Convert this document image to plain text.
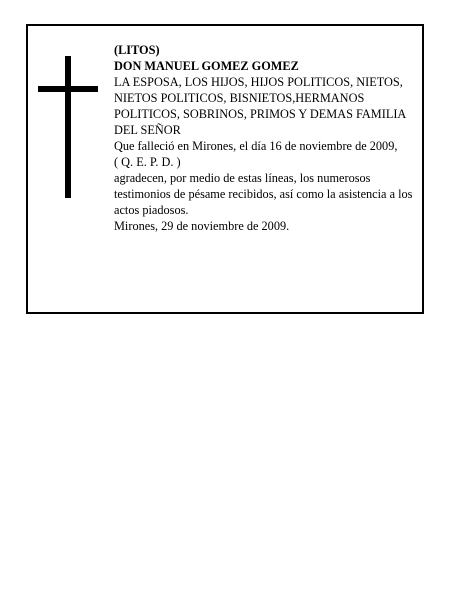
(LITOS)

DON MANUEL GOMEZ GOMEZ

LA ESPOSA, LOS HIJOS, HIJOS POLITICOS, NIETOS, NIETOS POLITICOS, BISNIETOS,HERMANOS POLITICOS, SOBRINOS, PRIMOS Y DEMAS FAMILIA DEL SEÑOR

Que falleció en Mirones, el día 16 de noviembre de 2009,

( Q. E. P. D. )

agradecen, por medio de estas líneas, los numerosos testimonios de pésame recibidos, así como la asistencia a los actos piadosos.

Mirones, 29 de noviembre de 2009.
